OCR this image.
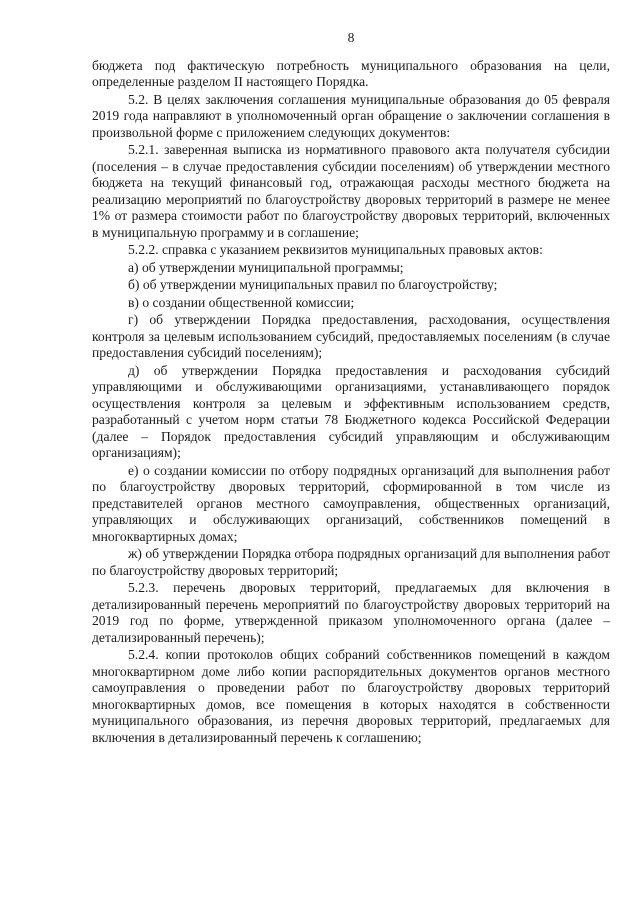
8

бюджета под фактическую потребность муниципального образования на цели, определенные разделом II настоящего Порядка.

5.2. В целях заключения соглашения муниципальные образования до 05 февраля 2019 года направляют в уполномоченный орган обращение о заключении соглашения в произвольной форме с приложением следующих документов:

5.2.1. заверенная выписка из нормативного правового акта получателя субсидии (поселения – в случае предоставления субсидии поселениям) об утверждении местного бюджета на текущий финансовый год, отражающая расходы местного бюджета на реализацию мероприятий по благоустройству дворовых территорий в размере не менее 1% от размера стоимости работ по благоустройству дворовых территорий, включенных в муниципальную программу и в соглашение;

5.2.2. справка с указанием реквизитов муниципальных правовых актов:

а) об утверждении муниципальной программы;

б) об утверждении муниципальных правил по благоустройству;

в) о создании общественной комиссии;

г) об утверждении Порядка предоставления, расходования, осуществления контроля за целевым использованием субсидий, предоставляемых поселениям (в случае предоставления субсидий поселениям);

д) об утверждении Порядка предоставления и расходования субсидий управляющими и обслуживающими организациями, устанавливающего порядок осуществления контроля за целевым и эффективным использованием средств, разработанный с учетом норм статьи 78 Бюджетного кодекса Российской Федерации (далее – Порядок предоставления субсидий управляющим и обслуживающим организациям);

е) о создании комиссии по отбору подрядных организаций для выполнения работ по благоустройству дворовых территорий, сформированной в том числе из представителей органов местного самоуправления, общественных организаций, управляющих и обслуживающих организаций, собственников помещений в многоквартирных домах;

ж) об утверждении Порядка отбора подрядных организаций для выполнения работ по благоустройству дворовых территорий;

5.2.3. перечень дворовых территорий, предлагаемых для включения в детализированный перечень мероприятий по благоустройству дворовых территорий на 2019 год по форме, утвержденной приказом уполномоченного органа (далее – детализированный перечень);

5.2.4. копии протоколов общих собраний собственников помещений в каждом многоквартирном доме либо копии распорядительных документов органов местного самоуправления о проведении работ по благоустройству дворовых территорий многоквартирных домов, все помещения в которых находятся в собственности муниципального образования, из перечня дворовых территорий, предлагаемых для включения в детализированный перечень к соглашению;
